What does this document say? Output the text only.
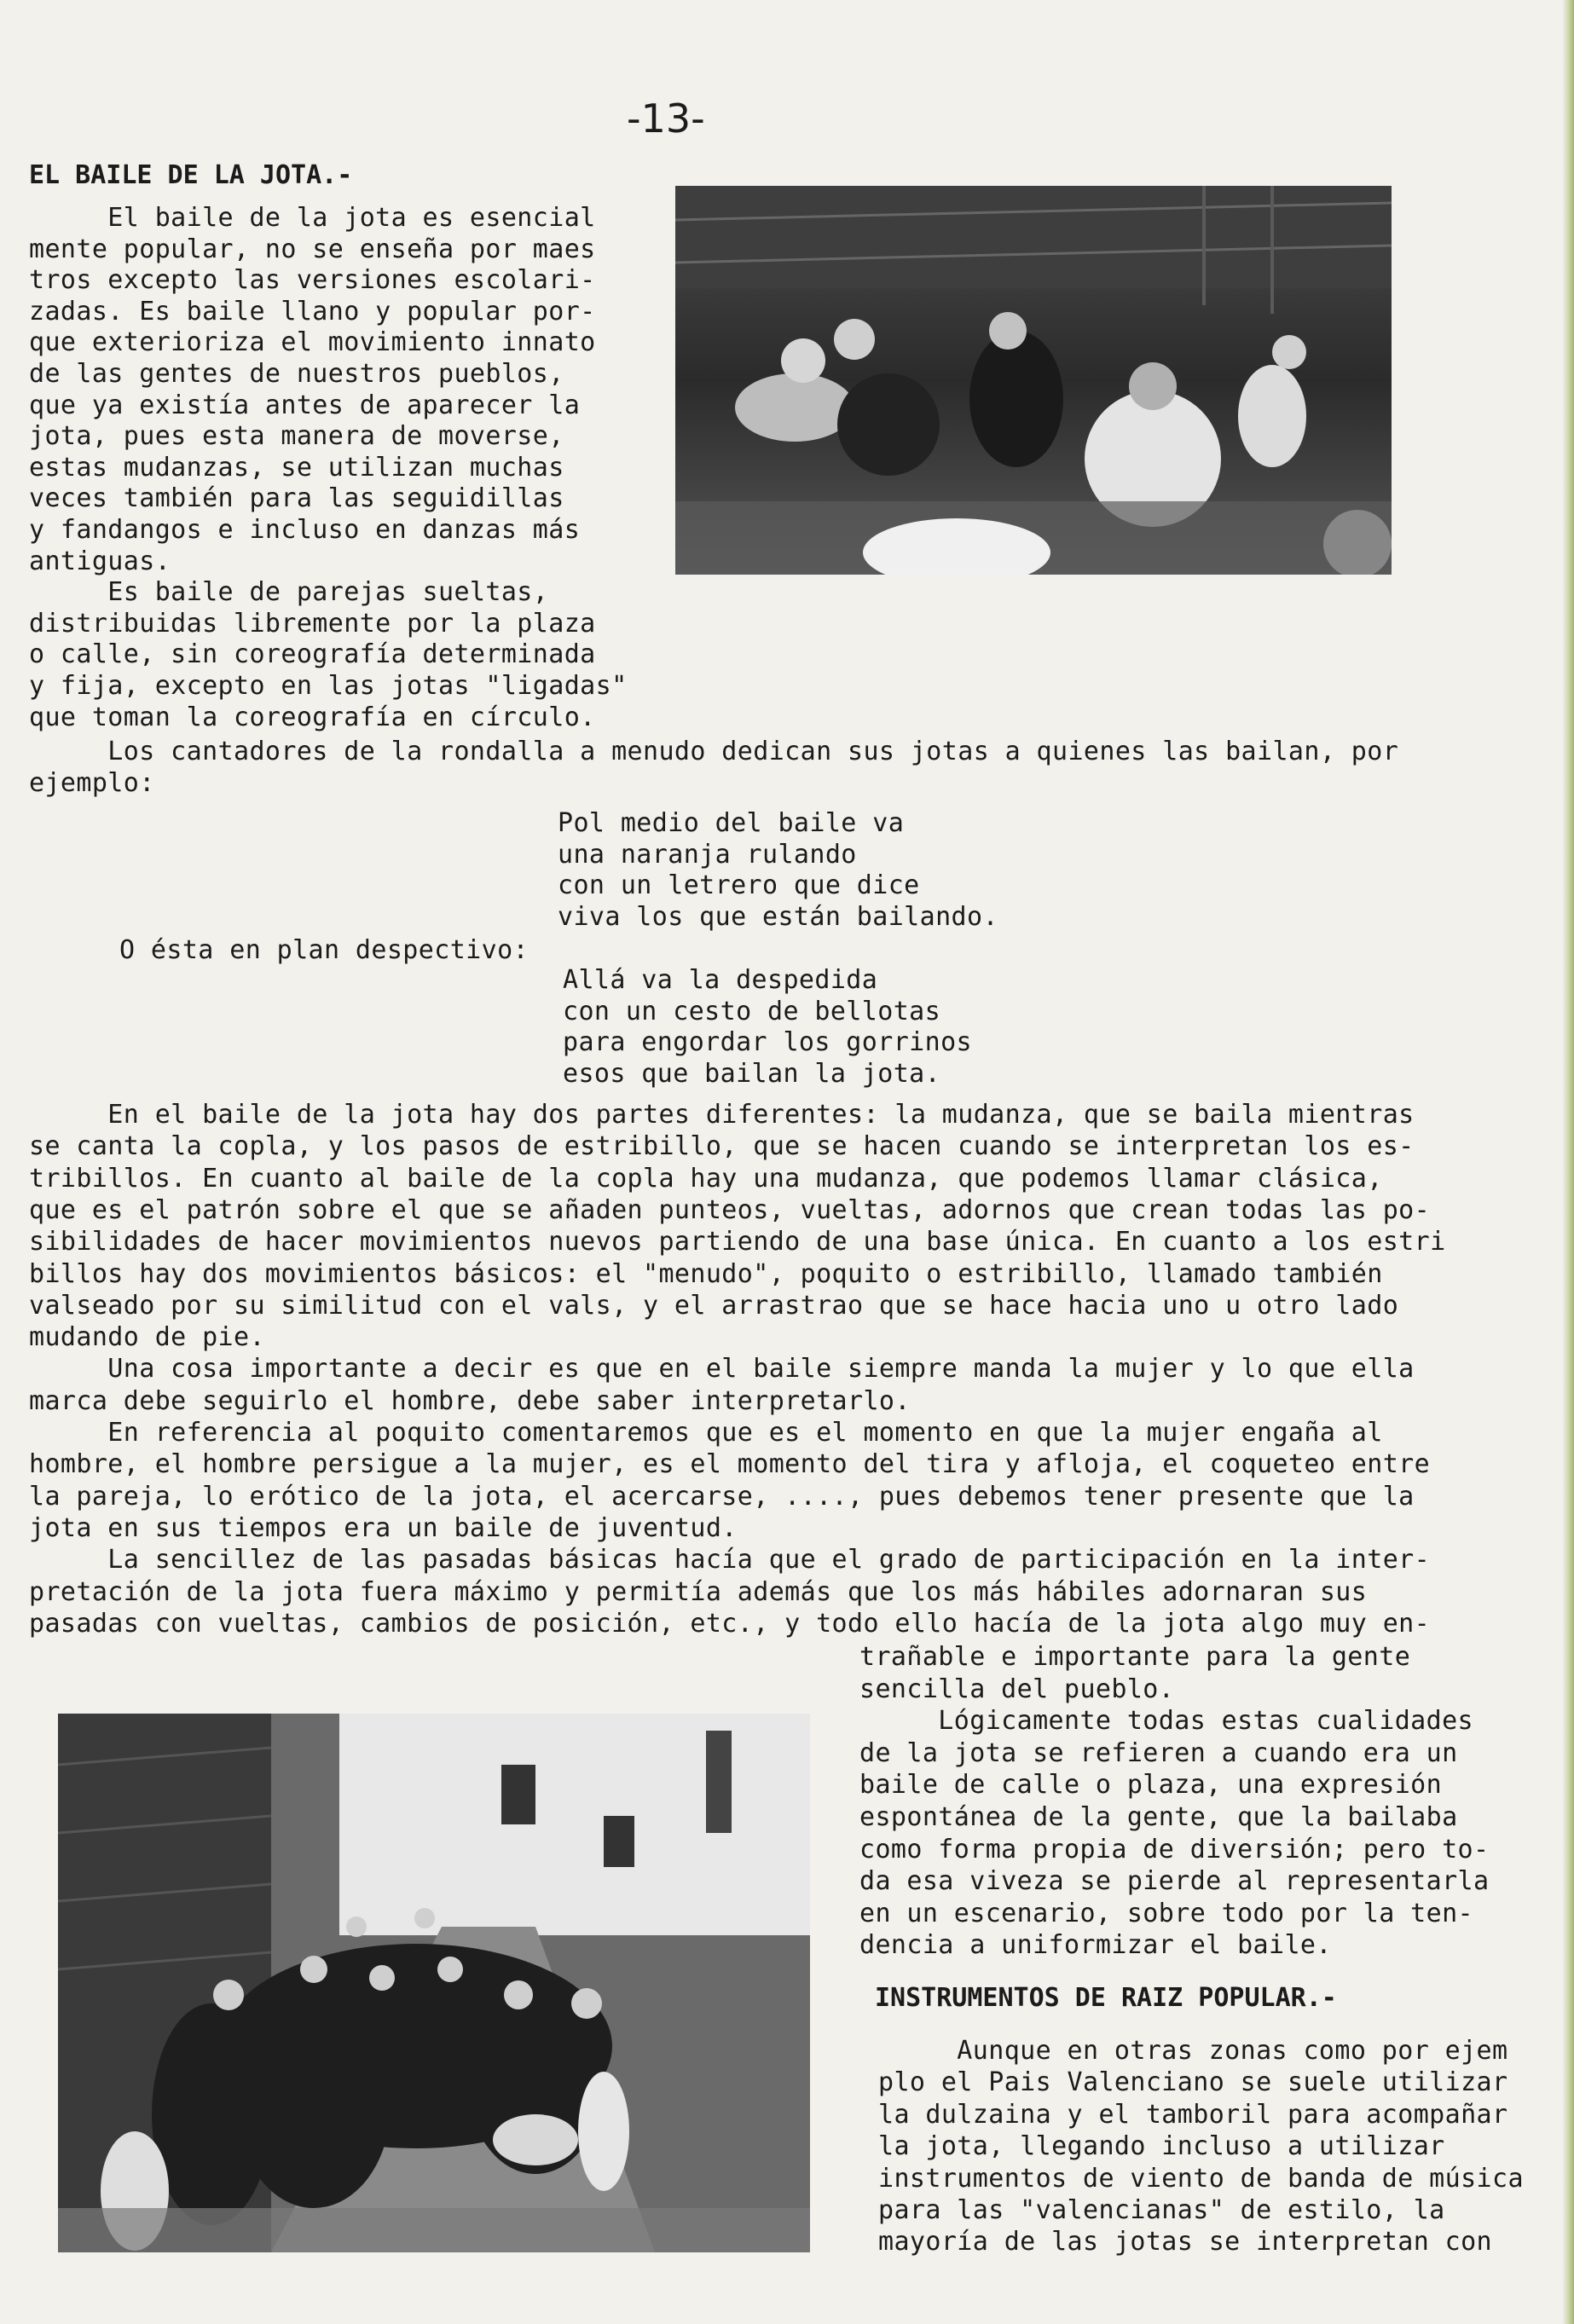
-13-
EL BAILE DE LA JOTA.-
El baile de la jota es esencial
mente popular, no se enseña por maes
tros excepto las versiones escolari-
zadas. Es baile llano y popular por-
que exterioriza el movimiento innato
de las gentes de nuestros pueblos,
que ya existía antes de aparecer la
jota, pues esta manera de moverse,
estas mudanzas, se utilizan muchas
veces también para las seguidillas
y fandangos e incluso en danzas más
antiguas.
Es baile de parejas sueltas,
distribuidas libremente por la plaza
o calle, sin coreografía determinada
y fija, excepto en las jotas "ligadas"
que toman la coreografía en círculo.
Los cantadores de la rondalla a menudo dedican sus jotas a quienes las bailan, por
ejemplo:
Pol medio del baile va
una naranja rulando
con un letrero que dice
viva los que están bailando.
O ésta en plan despectivo:
Allá va la despedida
con un cesto de bellotas
para engordar los gorrinos
esos que bailan la jota.
En el baile de la jota hay dos partes diferentes: la mudanza, que se baila mientras
se canta la copla, y los pasos de estribillo, que se hacen cuando se interpretan los es-
tribillos. En cuanto al baile de la copla hay una mudanza, que podemos llamar clásica,
que es el patrón sobre el que se añaden punteos, vueltas, adornos que crean todas las po-
sibilidades de hacer movimientos nuevos partiendo de una base única. En cuanto a los estri
billos hay dos movimientos básicos: el "menudo", poquito o estribillo, llamado también
valseado por su similitud con el vals, y el arrastrao que se hace hacia uno u otro lado
mudando de pie.
Una cosa importante a decir es que en el baile siempre manda la mujer y lo que ella
marca debe seguirlo el hombre, debe saber interpretarlo.
En referencia al poquito comentaremos que es el momento en que la mujer engaña al
hombre, el hombre persigue a la mujer, es el momento del tira y afloja, el coqueteo entre
la pareja, lo erótico de la jota, el acercarse, ...., pues debemos tener presente que la
jota en sus tiempos era un baile de juventud.
La sencillez de las pasadas básicas hacía que el grado de participación en la inter-
pretación de la jota fuera máximo y permitía además que los más hábiles adornaran sus
pasadas con vueltas, cambios de posición, etc., y todo ello hacía de la jota algo muy en-
trañable e importante para la gente
sencilla del pueblo.
Lógicamente todas estas cualidades
de la jota se refieren a cuando era un
baile de calle o plaza, una expresión
espontánea de la gente, que la bailaba
como forma propia de diversión; pero to-
da esa viveza se pierde al representarla
en un escenario, sobre todo por la ten-
dencia a uniformizar el baile.
INSTRUMENTOS DE RAIZ POPULAR.-
Aunque en otras zonas como por ejem
plo el Pais Valenciano se suele utilizar
la dulzaina y el tamboril para acompañar
la jota, llegando incluso a utilizar
instrumentos de viento de banda de música
para las "valencianas" de estilo, la
mayoría de las jotas se interpretan con
